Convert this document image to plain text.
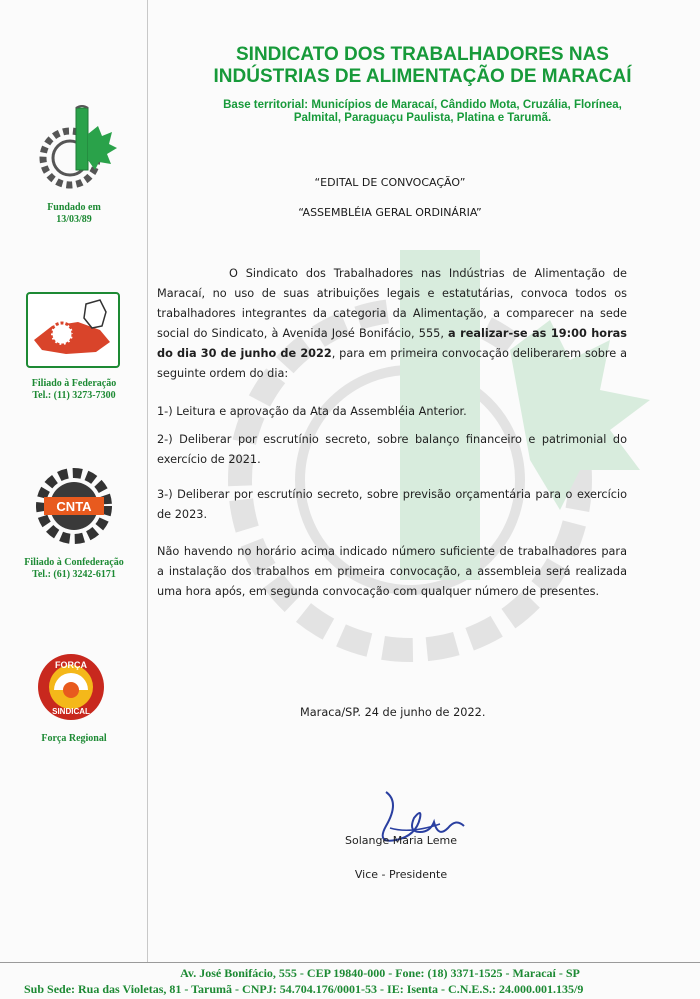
SINDICATO DOS TRABALHADORES NAS
INDÚSTRIAS DE ALIMENTAÇÃO DE MARACAÍ
Base territorial: Municípios de Maracaí, Cândido Mota, Cruzália, Florínea,
Palmital, Paraguaçu Paulista, Platina e Tarumã.
Fundado em
13/03/89
Filiado à Federação
Tel.: (11) 3273-7300
CNTA
Filiado à Confederação
Tel.: (61) 3242-6171
FORÇA
SINDICAL
Força Regional
“EDITAL DE CONVOCAÇÃO”
“ASSEMBLÉIA GERAL ORDINÁRIA”
O Sindicato dos Trabalhadores nas Indústrias de Alimentação de Maracaí, no uso de suas atribuições legais e estatutárias, convoca todos os trabalhadores integrantes da categoria da Alimentação, a comparecer na sede social do Sindicato, à Avenida José Bonifácio, 555, a realizar-se as 19:00 horas do dia 30 de junho de 2022, para em primeira convocação deliberarem sobre a seguinte ordem do dia:
1-) Leitura e aprovação da Ata da Assembléia Anterior.
2-) Deliberar por escrutínio secreto, sobre balanço financeiro e patrimonial do exercício de 2021.
3-) Deliberar por escrutínio secreto, sobre previsão orçamentária para o exercício de 2023.
Não havendo no horário acima indicado número suficiente de trabalhadores para a instalação dos trabalhos em primeira convocação, a assembleia será realizada uma hora após, em segunda convocação com qualquer número de presentes.
Maraca/SP. 24 de junho de 2022.
Solange Maria Leme
Vice - Presidente
Av. José Bonifácio, 555 - CEP 19840-000 - Fone: (18) 3371-1525 - Maracaí - SP
Sub Sede: Rua das Violetas, 81 - Tarumã - CNPJ: 54.704.176/0001-53 - IE: Isenta - C.N.E.S.: 24.000.001.135/9
